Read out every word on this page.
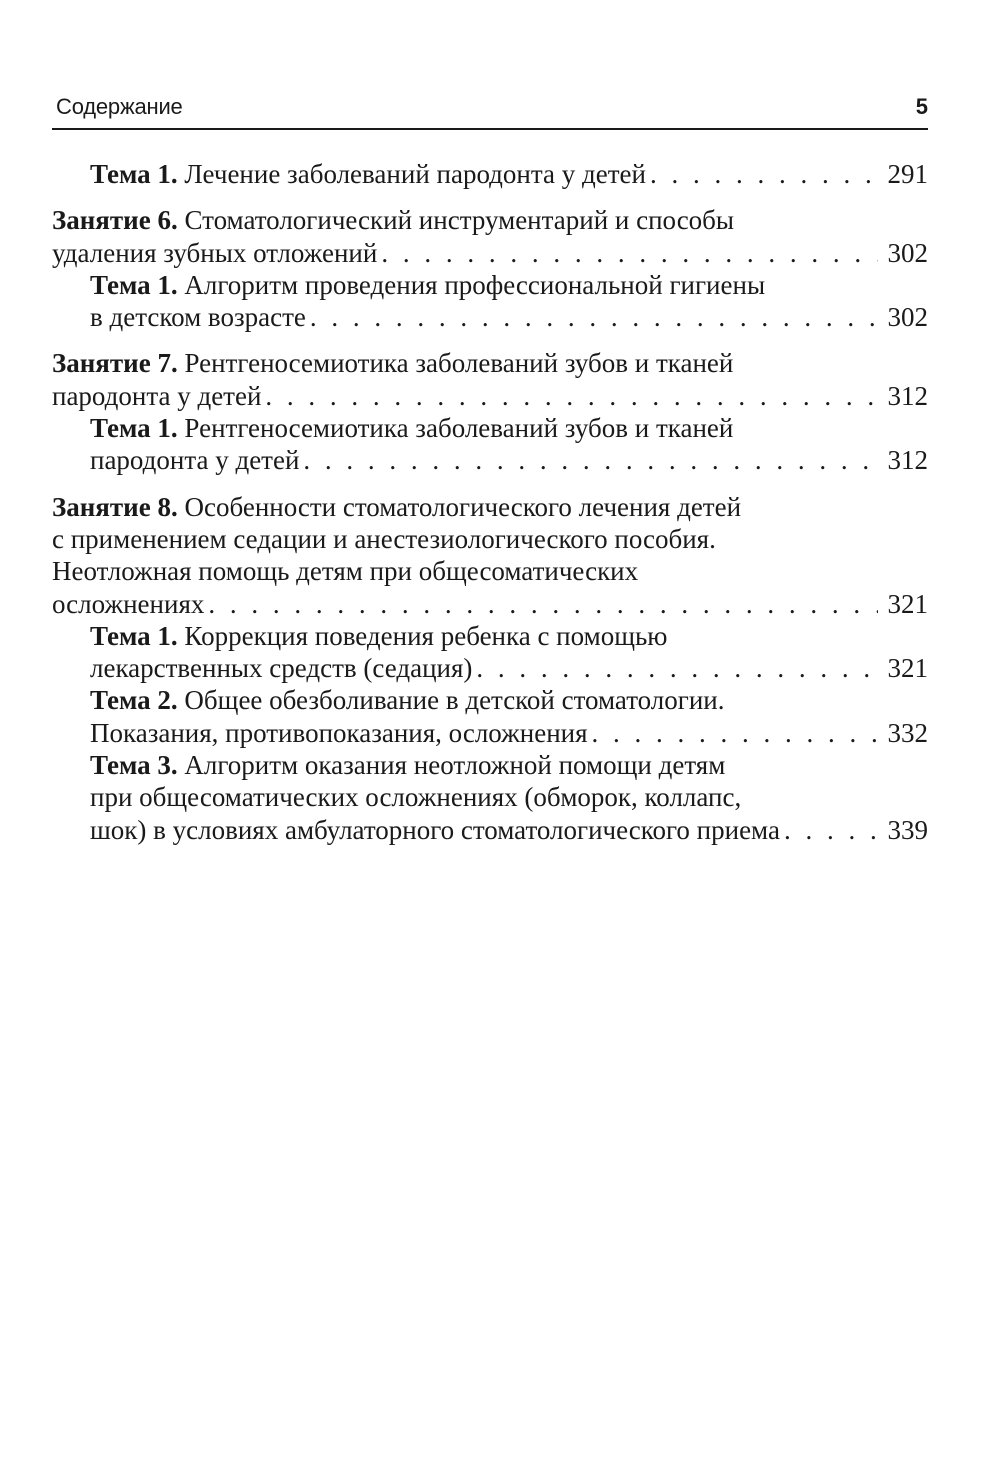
Содержание	5
Тема 1. Лечение заболеваний пародонта у детей . . .	291
Занятие 6. Стоматологический инструментарий и способы
удаления зубных отложений . . .	302
Тема 1. Алгоритм проведения профессиональной гигиены
в детском возрасте . . .	302
Занятие 7. Рентгеносемиотика заболеваний зубов и тканей
пародонта у детей . . .	312
Тема 1. Рентгеносемиотика заболеваний зубов и тканей
пародонта у детей . . .	312
Занятие 8. Особенности стоматологического лечения детей
с применением седации и анестезиологического пособия.
Неотложная помощь детям при общесоматических
осложнениях . . .	321
Тема 1. Коррекция поведения ребенка с помощью
лекарственных средств (седация) . . .	321
Тема 2. Общее обезболивание в детской стоматологии.
Показания, противопоказания, осложнения . . .	332
Тема 3. Алгоритм оказания неотложной помощи детям
при общесоматических осложнениях (обморок, коллапс,
шок) в условиях амбулаторного стоматологического приема . . .	339
